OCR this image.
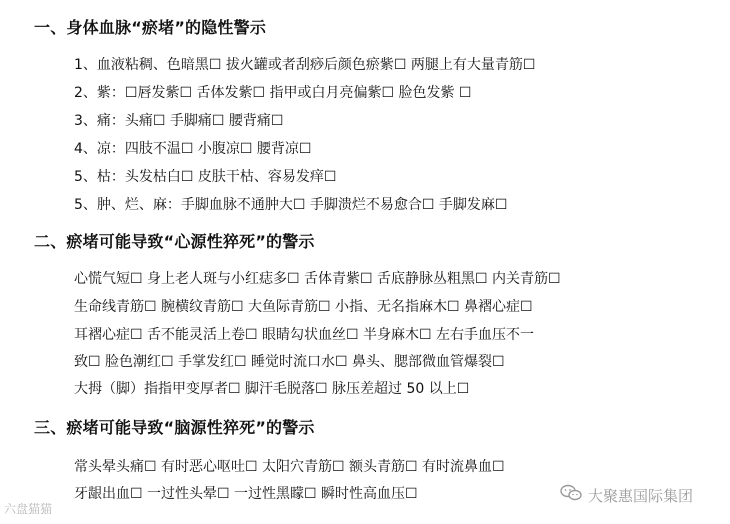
一、身体血脉“瘀堵”的隐性警示

1、血液粘稠、色暗黑☐ 拔火罐或者刮痧后颜色瘀紫☐ 两腿上有大量青筋☐

2、紫：☐唇发紫☐ 舌体发紫☐ 指甲或白月亮偏紫☐ 脸色发紫 ☐

3、痛：头痛☐ 手脚痛☐ 腰背痛☐

4、凉：四肢不温☐ 小腹凉☐ 腰背凉☐

5、枯：头发枯白☐ 皮肤干枯、容易发痒☐

5、肿、烂、麻：手脚血脉不通肿大☐ 手脚溃烂不易愈合☐ 手脚发麻☐

二、瘀堵可能导致“心源性猝死”的警示

心慌气短☐ 身上老人斑与小红痣多☐ 舌体青紫☐ 舌底静脉丛粗黑☐ 内关青筋☐

生命线青筋☐ 腕横纹青筋☐ 大鱼际青筋☐ 小指、无名指麻木☐ 鼻褶心症☐

耳褶心症☐ 舌不能灵活上卷☐ 眼睛勾状血丝☐ 半身麻木☐ 左右手血压不一

致☐ 脸色潮红☐ 手掌发红☐ 睡觉时流口水☐ 鼻头、腮部微血管爆裂☐

大拇（脚）指指甲变厚者☐ 脚汗毛脱落☐ 脉压差超过 50 以上☐

三、瘀堵可能导致“脑源性猝死”的警示

常头晕头痛☐ 有时恶心呕吐☐ 太阳穴青筋☐ 额头青筋☐ 有时流鼻血☐

牙龈出血☐ 一过性头晕☐ 一过性黑矇☐ 瞬时性高血压☐

六盘猫猫
大聚惠国际集团
